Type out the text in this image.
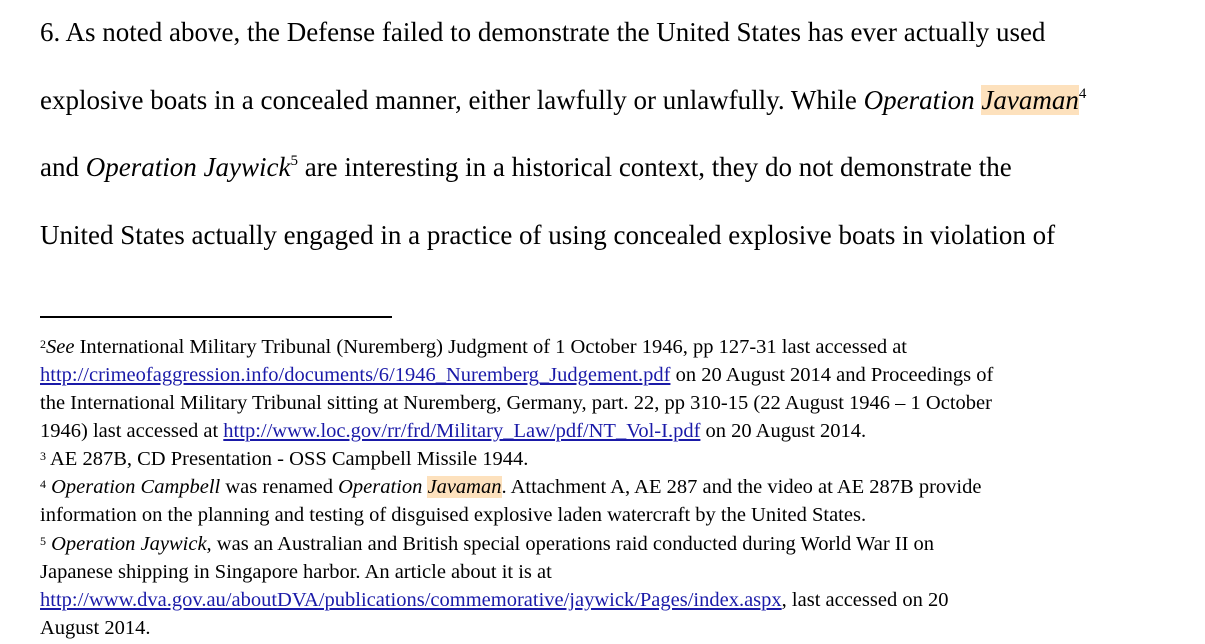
6. As noted above, the Defense failed to demonstrate the United States has ever actually used
explosive boats in a concealed manner, either lawfully or unlawfully. While Operation Javaman$^4$
and Operation Jaywick$^5$ are interesting in a historical context, they do not demonstrate the
United States actually engaged in a practice of using concealed explosive boats in violation of
$^2$See International Military Tribunal (Nuremberg) Judgment of 1 October 1946, pp 127-31 last accessed at
http://crimeofaggression.info/documents/6/1946_Nuremberg_Judgement.pdf on 20 August 2014 and Proceedings of
the International Military Tribunal sitting at Nuremberg, Germany, part. 22, pp 310-15 (22 August 1946 – 1 October
1946) last accessed at http://www.loc.gov/rr/frd/Military_Law/pdf/NT_Vol-I.pdf on 20 August 2014.
$^3$ AE 287B, CD Presentation - OSS Campbell Missile 1944.
$^4$ Operation Campbell was renamed Operation Javaman. Attachment A, AE 287 and the video at AE 287B provide
information on the planning and testing of disguised explosive laden watercraft by the United States.
$^5$ Operation Jaywick, was an Australian and British special operations raid conducted during World War II on
Japanese shipping in Singapore harbor. An article about it is at
http://www.dva.gov.au/aboutDVA/publications/commemorative/jaywick/Pages/index.aspx, last accessed on 20
August 2014.
